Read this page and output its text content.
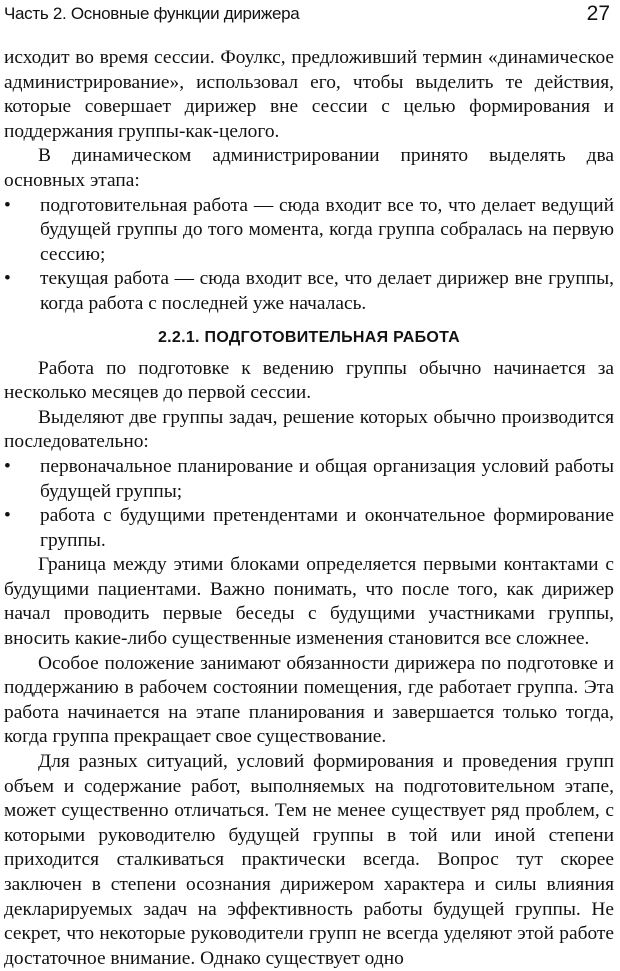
Часть 2. Основные функции дирижера	27

исходит во время сессии. Фоулкс, предложивший термин «динамическое администрирование», использовал его, чтобы выделить те действия, которые совершает дирижер вне сессии с целью формирования и поддержания группы-как-целого.

В динамическом администрировании принято выделять два основных этапа:

•	подготовительная работа — сюда входит все то, что делает ведущий будущей группы до того момента, когда группа собралась на первую сессию;
•	текущая работа — сюда входит все, что делает дирижер вне группы, когда работа с последней уже началась.
2.2.1. ПОДГОТОВИТЕЛЬНАЯ РАБОТА

Работа по подготовке к ведению группы обычно начинается за несколько месяцев до первой сессии.

Выделяют две группы задач, решение которых обычно производится последовательно:

•	первоначальное планирование и общая организация условий работы будущей группы;
•	работа с будущими претендентами и окончательное формирование группы.

Граница между этими блоками определяется первыми контактами с будущими пациентами. Важно понимать, что после того, как дирижер начал проводить первые беседы с будущими участниками группы, вносить какие-либо существенные изменения становится все сложнее.

Особое положение занимают обязанности дирижера по подготовке и поддержанию в рабочем состоянии помещения, где работает группа. Эта работа начинается на этапе планирования и завершается только тогда, когда группа прекращает свое существование.

Для разных ситуаций, условий формирования и проведения групп объем и содержание работ, выполняемых на подготовительном этапе, может существенно отличаться. Тем не менее существует ряд проблем, с которыми руководителю будущей группы в той или иной степени приходится сталкиваться практически всегда. Вопрос тут скорее заключен в степени осознания дирижером характера и силы влияния декларируемых задач на эффективность работы будущей группы. Не секрет, что некоторые руководители групп не всегда уделяют этой работе достаточное внимание. Однако существует одно
